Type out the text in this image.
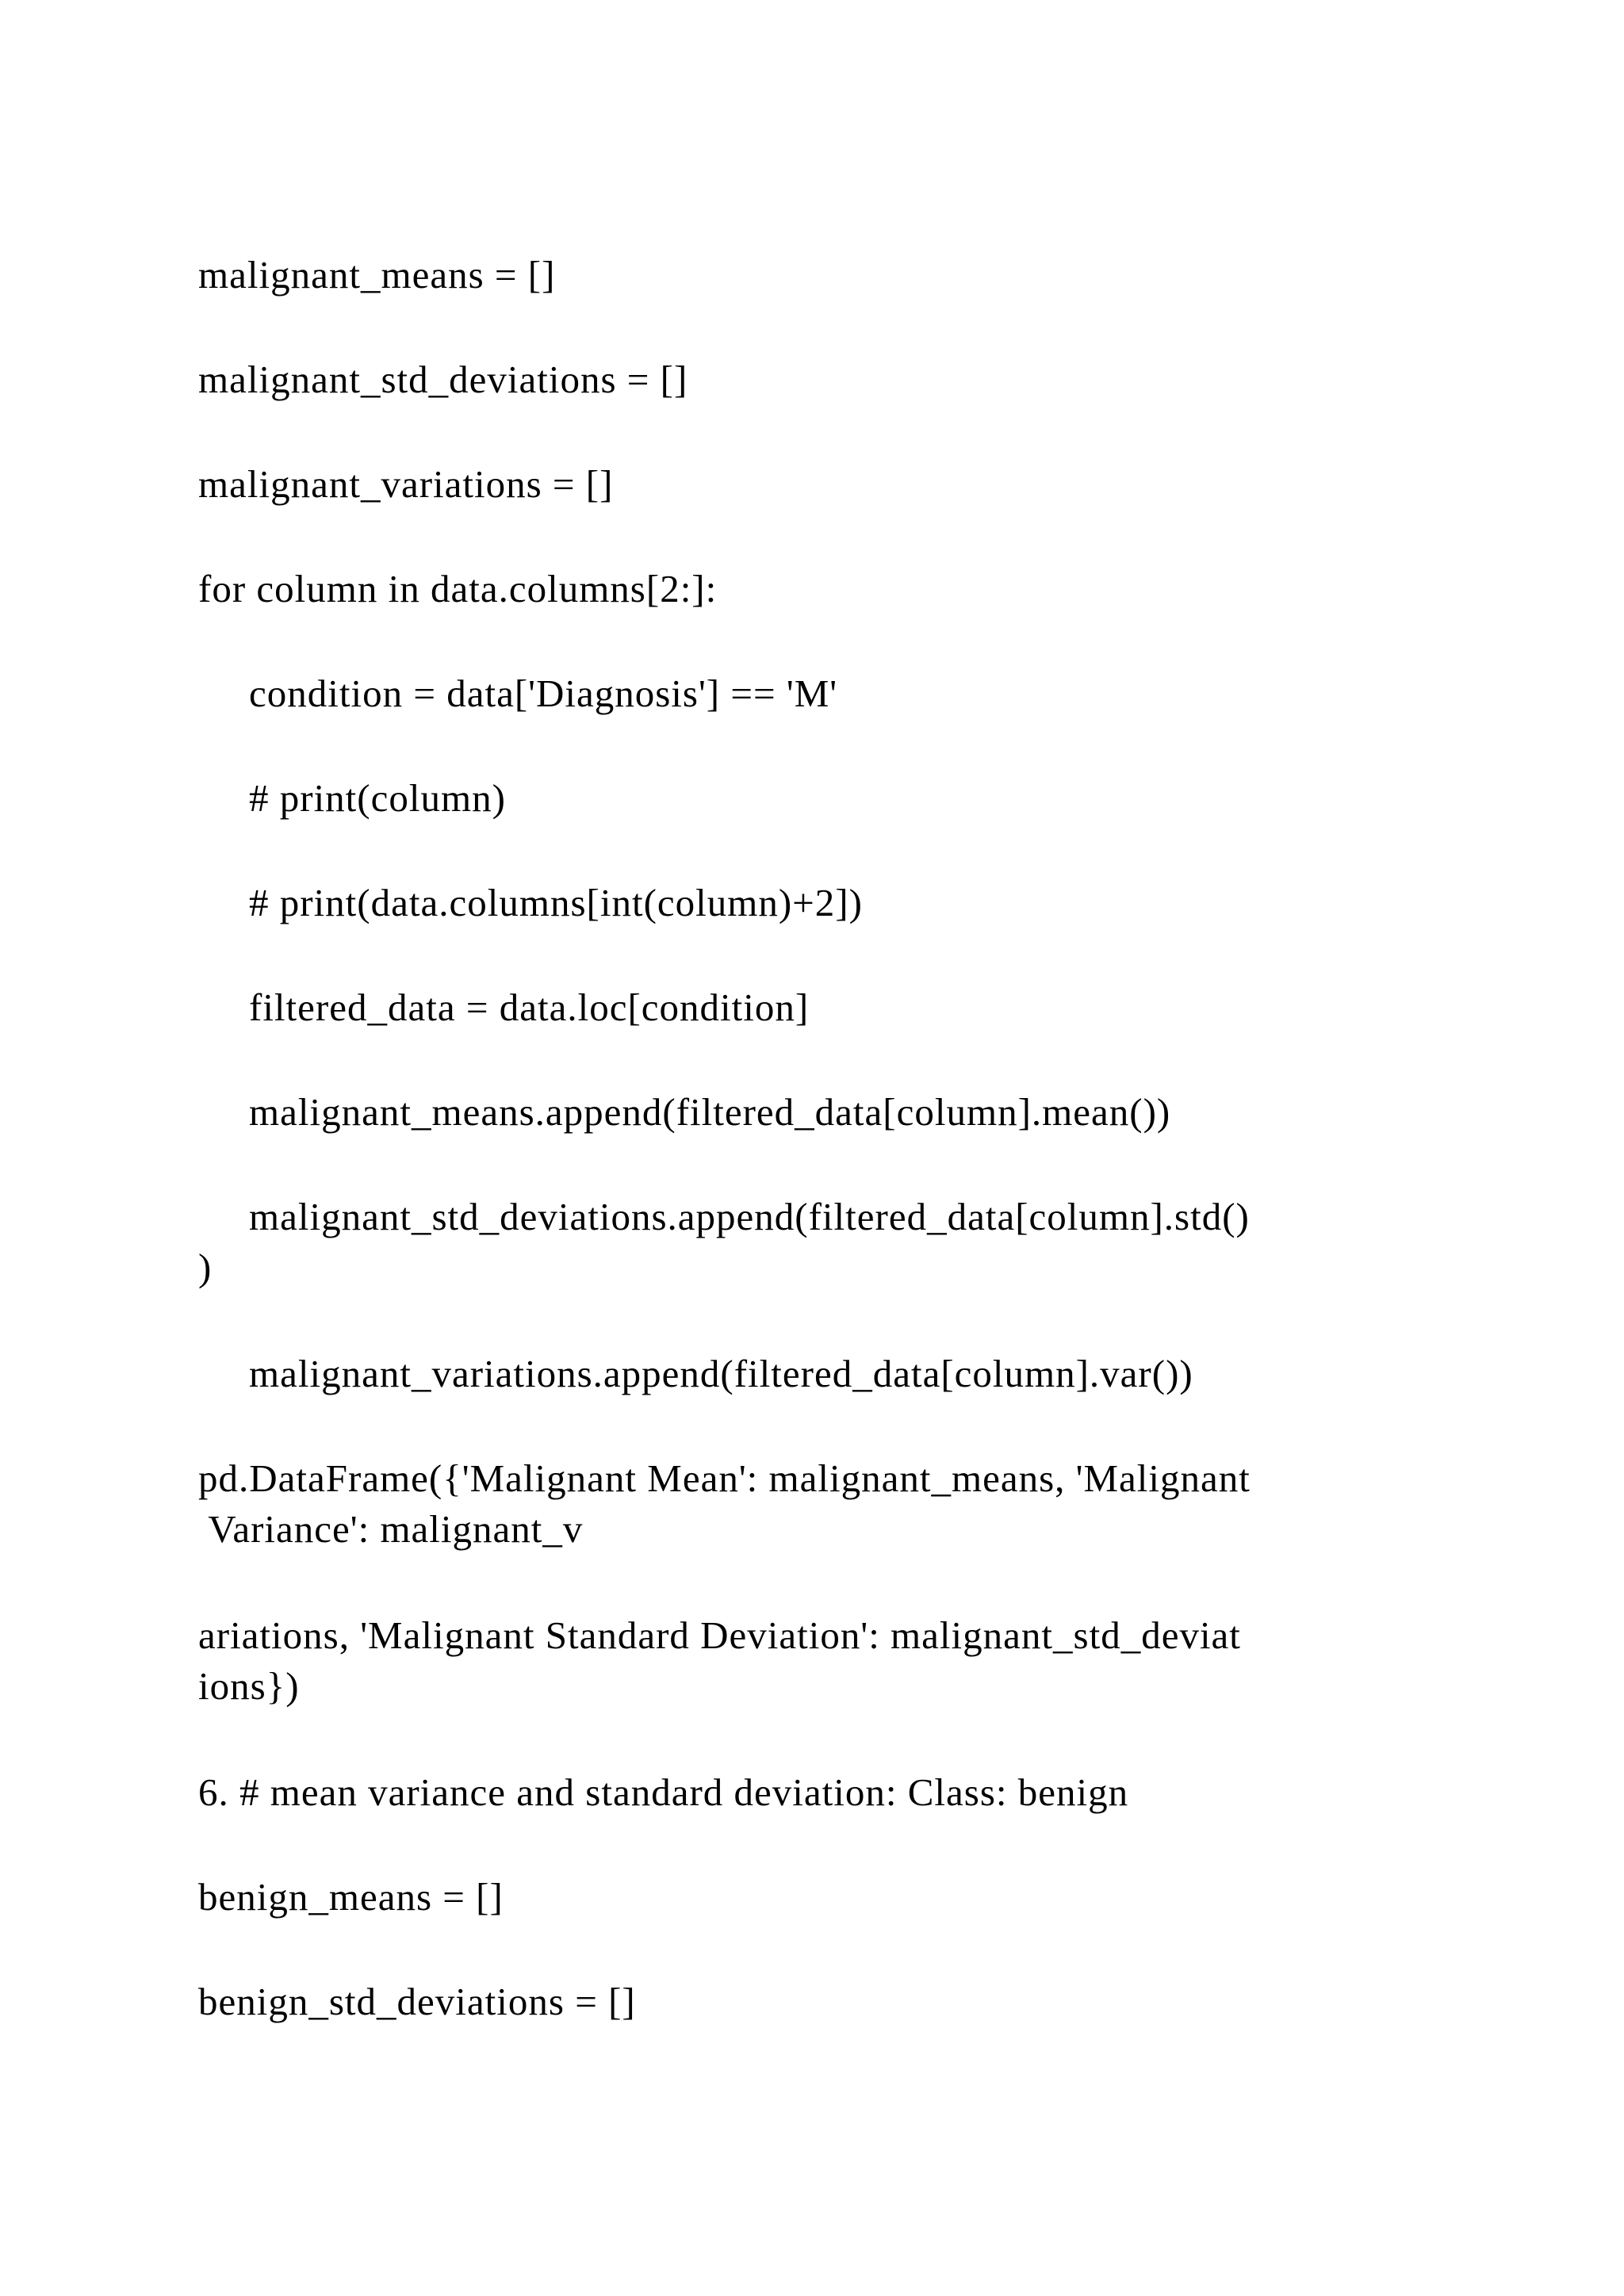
malignant_means = []
malignant_std_deviations = []
malignant_variations = []
for column in data.columns[2:]:
condition = data['Diagnosis'] == 'M'
# print(column)
# print(data.columns[int(column)+2])
filtered_data = data.loc[condition]
malignant_means.append(filtered_data[column].mean())
malignant_std_deviations.append(filtered_data[column].std()
)
malignant_variations.append(filtered_data[column].var())
pd.DataFrame({'Malignant Mean': malignant_means, 'Malignant
Variance': malignant_v
ariations, 'Malignant Standard Deviation': malignant_std_deviat
ions})
6. # mean variance and standard deviation: Class: benign
benign_means = []
benign_std_deviations = []
